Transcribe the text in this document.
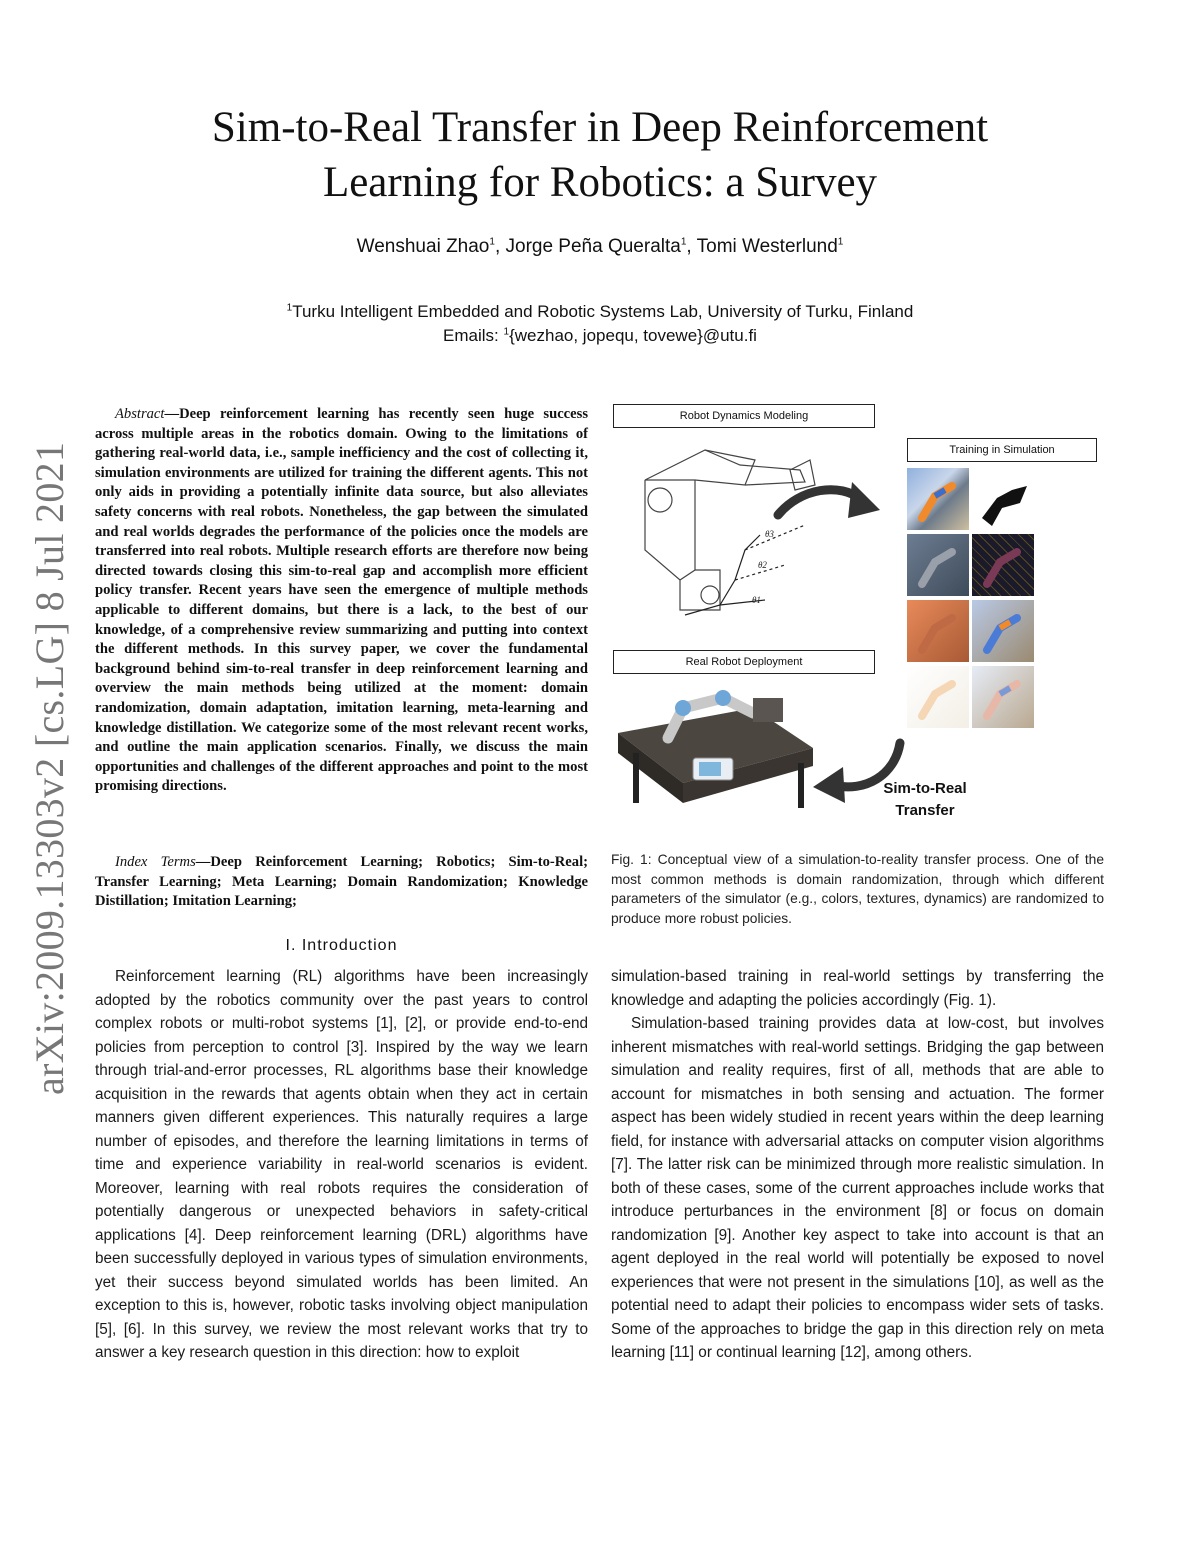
arXiv:2009.13303v2 [cs.LG] 8 Jul 2021
Sim-to-Real Transfer in Deep Reinforcement
Learning for Robotics: a Survey
Wenshuai Zhao$^1$, Jorge Peña Queralta$^1$, Tomi Westerlund$^1$
$^1$Turku Intelligent Embedded and Robotic Systems Lab, University of Turku, Finland
Emails: $^1${wezhao, jopequ, tovewe}@utu.fi
Abstract—Deep reinforcement learning has recently seen huge success across multiple areas in the robotics domain. Owing to the limitations of gathering real-world data, i.e., sample inefficiency and the cost of collecting it, simulation environments are utilized for training the different agents. This not only aids in providing a potentially infinite data source, but also alleviates safety concerns with real robots. Nonetheless, the gap between the simulated and real worlds degrades the performance of the policies once the models are transferred into real robots. Multiple research efforts are therefore now being directed towards closing this sim-to-real gap and accomplish more efficient policy transfer. Recent years have seen the emergence of multiple methods applicable to different domains, but there is a lack, to the best of our knowledge, of a comprehensive review summarizing and putting into context the different methods. In this survey paper, we cover the fundamental background behind sim-to-real transfer in deep reinforcement learning and overview the main methods being utilized at the moment: domain randomization, domain adaptation, imitation learning, meta-learning and knowledge distillation. We categorize some of the most relevant recent works, and outline the main application scenarios. Finally, we discuss the main opportunities and challenges of the different approaches and point to the most promising directions.
Index Terms—Deep Reinforcement Learning; Robotics; Sim-to-Real; Transfer Learning; Meta Learning; Domain Randomization; Knowledge Distillation; Imitation Learning;
I. Introduction

Reinforcement learning (RL) algorithms have been increasingly adopted by the robotics community over the past years to control complex robots or multi-robot systems [1], [2], or provide end-to-end policies from perception to control [3]. Inspired by the way we learn through trial-and-error processes, RL algorithms base their knowledge acquisition in the rewards that agents obtain when they act in certain manners given different experiences. This naturally requires a large number of episodes, and therefore the learning limitations in terms of time and experience variability in real-world scenarios is evident. Moreover, learning with real robots requires the consideration of potentially dangerous or unexpected behaviors in safety-critical applications [4]. Deep reinforcement learning (DRL) algorithms have been successfully deployed in various types of simulation environments, yet their success beyond simulated worlds has been limited. An exception to this is, however, robotic tasks involving object manipulation [5], [6]. In this survey, we review the most relevant works that try to answer a key research question in this direction: how to exploit

simulation-based training in real-world settings by transferring the knowledge and adapting the policies accordingly (Fig. 1).

Simulation-based training provides data at low-cost, but involves inherent mismatches with real-world settings. Bridging the gap between simulation and reality requires, first of all, methods that are able to account for mismatches in both sensing and actuation. The former aspect has been widely studied in recent years within the deep learning field, for instance with adversarial attacks on computer vision algorithms [7]. The latter risk can be minimized through more realistic simulation. In both of these cases, some of the current approaches include works that introduce perturbances in the environment [8] or focus on domain randomization [9]. Another key aspect to take into account is that an agent deployed in the real world will potentially be exposed to novel experiences that were not present in the simulations [10], as well as the potential need to adapt their policies to encompass wider sets of tasks. Some of the approaches to bridge the gap in this direction rely on meta learning [11] or continual learning [12], among others.

Robot Dynamics Modeling
Training in Simulation
Real Robot Deployment
θ1
θ2
θ3
Sim-to-Real
Transfer
Fig. 1: Conceptual view of a simulation-to-reality transfer process. One of the most common methods is domain randomization, through which different parameters of the simulator (e.g., colors, textures, dynamics) are randomized to produce more robust policies.
